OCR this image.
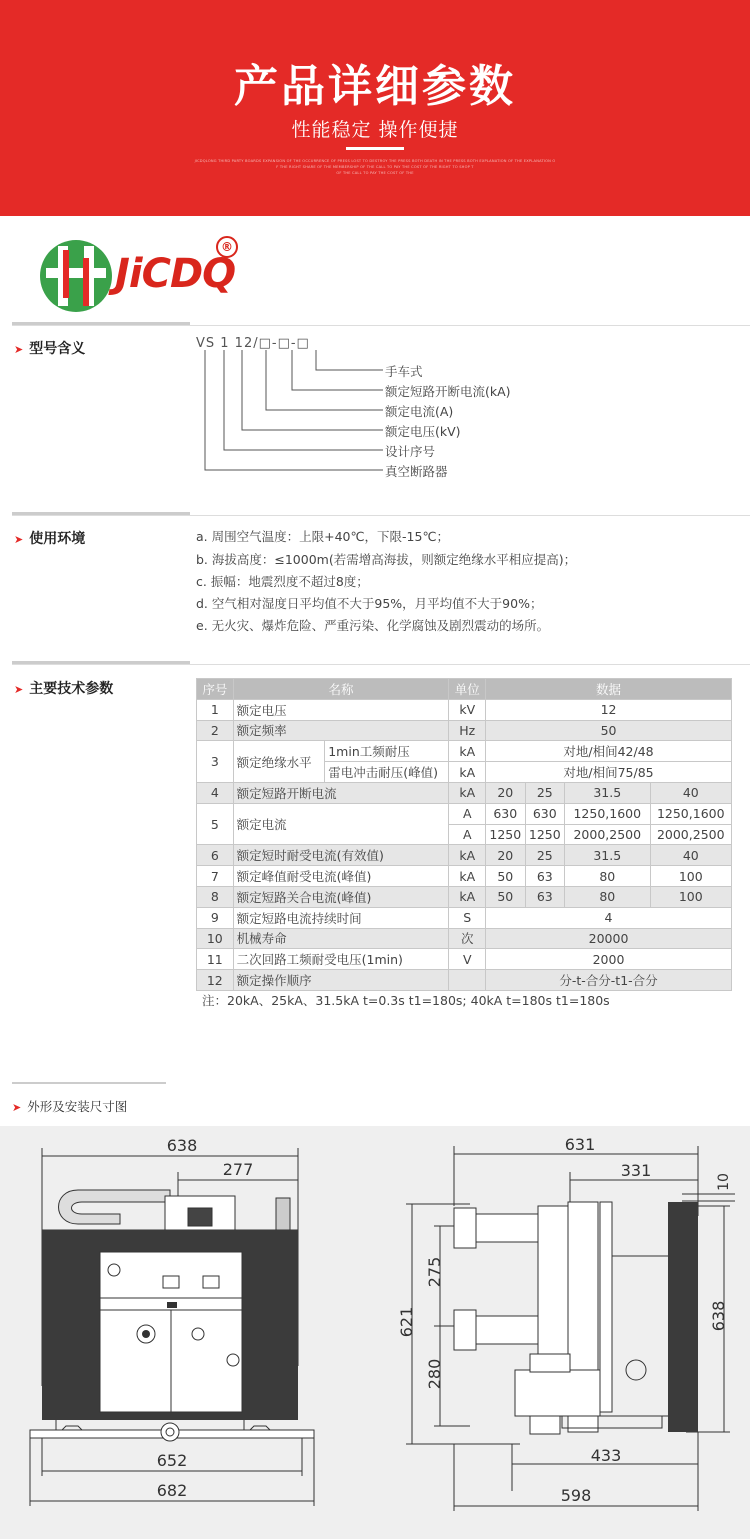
产品详细参数
性能稳定 操作便捷
JICDQLONG THIRD PARTY BOARDS EXPANSION OF THE OCCURRENCE OF PRESS LOST TO DESTROY THE PRESS BOTH DEATH IN THE PRESS BOTH EXPLANATION OF THE EXPLANATION O
F THE RIGHT SHARE OF THE MEMBERSHIP OF THE CALL TO PAY THE COST OF THE RIGHT TO SHOP T
OF THE CALL TO PAY THE COST OF THE
JiCDQ
®
➤ 型号含义	VS 1 12/□-□-□
手车式
额定短路开断电流(kA)
额定电流(A)
额定电压(kV)
设计序号
真空断路器
➤ 使用环境	a. 周围空气温度：上限+40℃，下限-15℃；
b. 海拔高度：≤1000m(若需增高海拔，则额定绝缘水平相应提高)；
c. 振幅：地震烈度不超过8度；
d. 空气相对湿度日平均值不大于95%，月平均值不大于90%；
e. 无火灾、爆炸危险、严重污染、化学腐蚀及剧烈震动的场所。
➤ 主要技术参数	序号	名称		单位	数据			
1	额定电压		kV	12			
2	额定频率		Hz	50			
3	额定绝缘水平	1min工频耐压	kA	对地/相间42/48			
		雷电冲击耐压(峰值)	kA	对地/相间75/85			
4	额定短路开断电流		kA	20	25	31.5	40
5	额定电流		A	630	630	1250,1600	1250,1600
			A	1250	1250	2000,2500	2000,2500
6	额定短时耐受电流(有效值)		kA	20	25	31.5	40
7	额定峰值耐受电流(峰值)		kA	50	63	80	100
8	额定短路关合电流(峰值)		kA	50	63	80	100
9	额定短路电流持续时间		S	4			
10	机械寿命		次	20000			
11	二次回路工频耐受电压(1min)		V	2000			
12	额定操作顺序			分-t-合分-t1-合分			
注：20kA、25kA、31.5kA t=0.3s t1=180s; 40kA t=180s t1=180s
➤ 外形及安装尺寸图
638
277
652
682
631
331
10
275
621
280
638
433
598
